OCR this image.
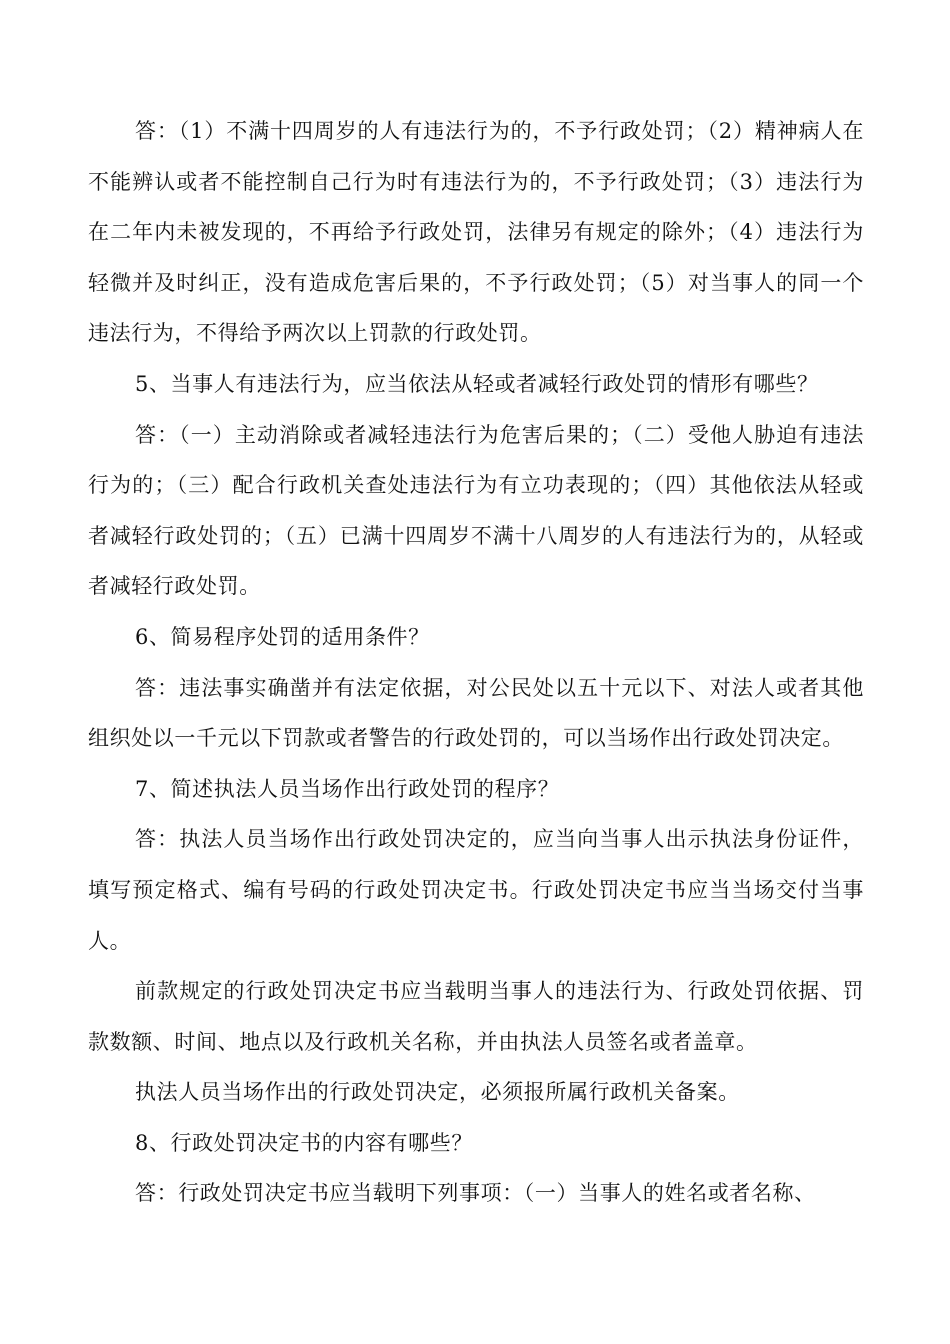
答：（1）不满十四周岁的人有违法行为的，不予行政处罚；（2）精神病人在不能辨认或者不能控制自己行为时有违法行为的，不予行政处罚；（3）违法行为在二年内未被发现的，不再给予行政处罚，法律另有规定的除外；（4）违法行为轻微并及时纠正，没有造成危害后果的，不予行政处罚；（5）对当事人的同一个违法行为，不得给予两次以上罚款的行政处罚。

5、当事人有违法行为，应当依法从轻或者减轻行政处罚的情形有哪些？

答：（一）主动消除或者减轻违法行为危害后果的；（二）受他人胁迫有违法行为的；（三）配合行政机关查处违法行为有立功表现的；（四）其他依法从轻或者减轻行政处罚的；（五）已满十四周岁不满十八周岁的人有违法行为的，从轻或者减轻行政处罚。

6、简易程序处罚的适用条件？

答：违法事实确凿并有法定依据，对公民处以五十元以下、对法人或者其他组织处以一千元以下罚款或者警告的行政处罚的，可以当场作出行政处罚决定。

7、简述执法人员当场作出行政处罚的程序？

答：执法人员当场作出行政处罚决定的，应当向当事人出示执法身份证件，填写预定格式、编有号码的行政处罚决定书。行政处罚决定书应当当场交付当事人。

前款规定的行政处罚决定书应当载明当事人的违法行为、行政处罚依据、罚款数额、时间、地点以及行政机关名称，并由执法人员签名或者盖章。

执法人员当场作出的行政处罚决定，必须报所属行政机关备案。

8、行政处罚决定书的内容有哪些？

答：行政处罚决定书应当载明下列事项：（一）当事人的姓名或者名称、
